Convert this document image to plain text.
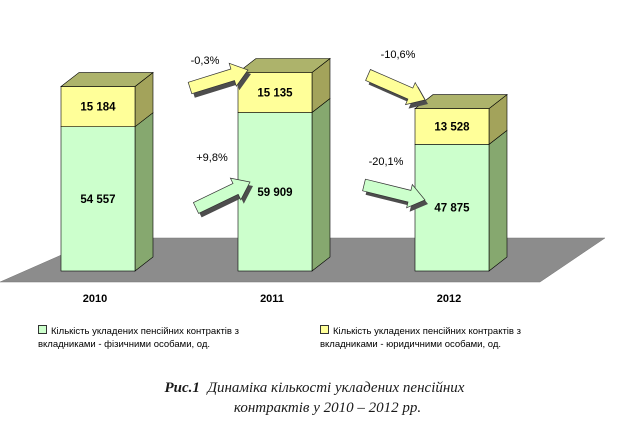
2010	2011	2012
54 557
15 184
59 909
15 135
47 875
13 528
-0,3%
+9,8%
-10,6%
-20,1%
Кількість укладених пенсійних контрактів з
вкладниками - фізичними особами, од.
Кількість укладених пенсійних контрактів з
вкладниками - юридичними особами, од.
Рис.1 Динаміка кількості укладених пенсійних
контрактів у 2010 – 2012 рр.
